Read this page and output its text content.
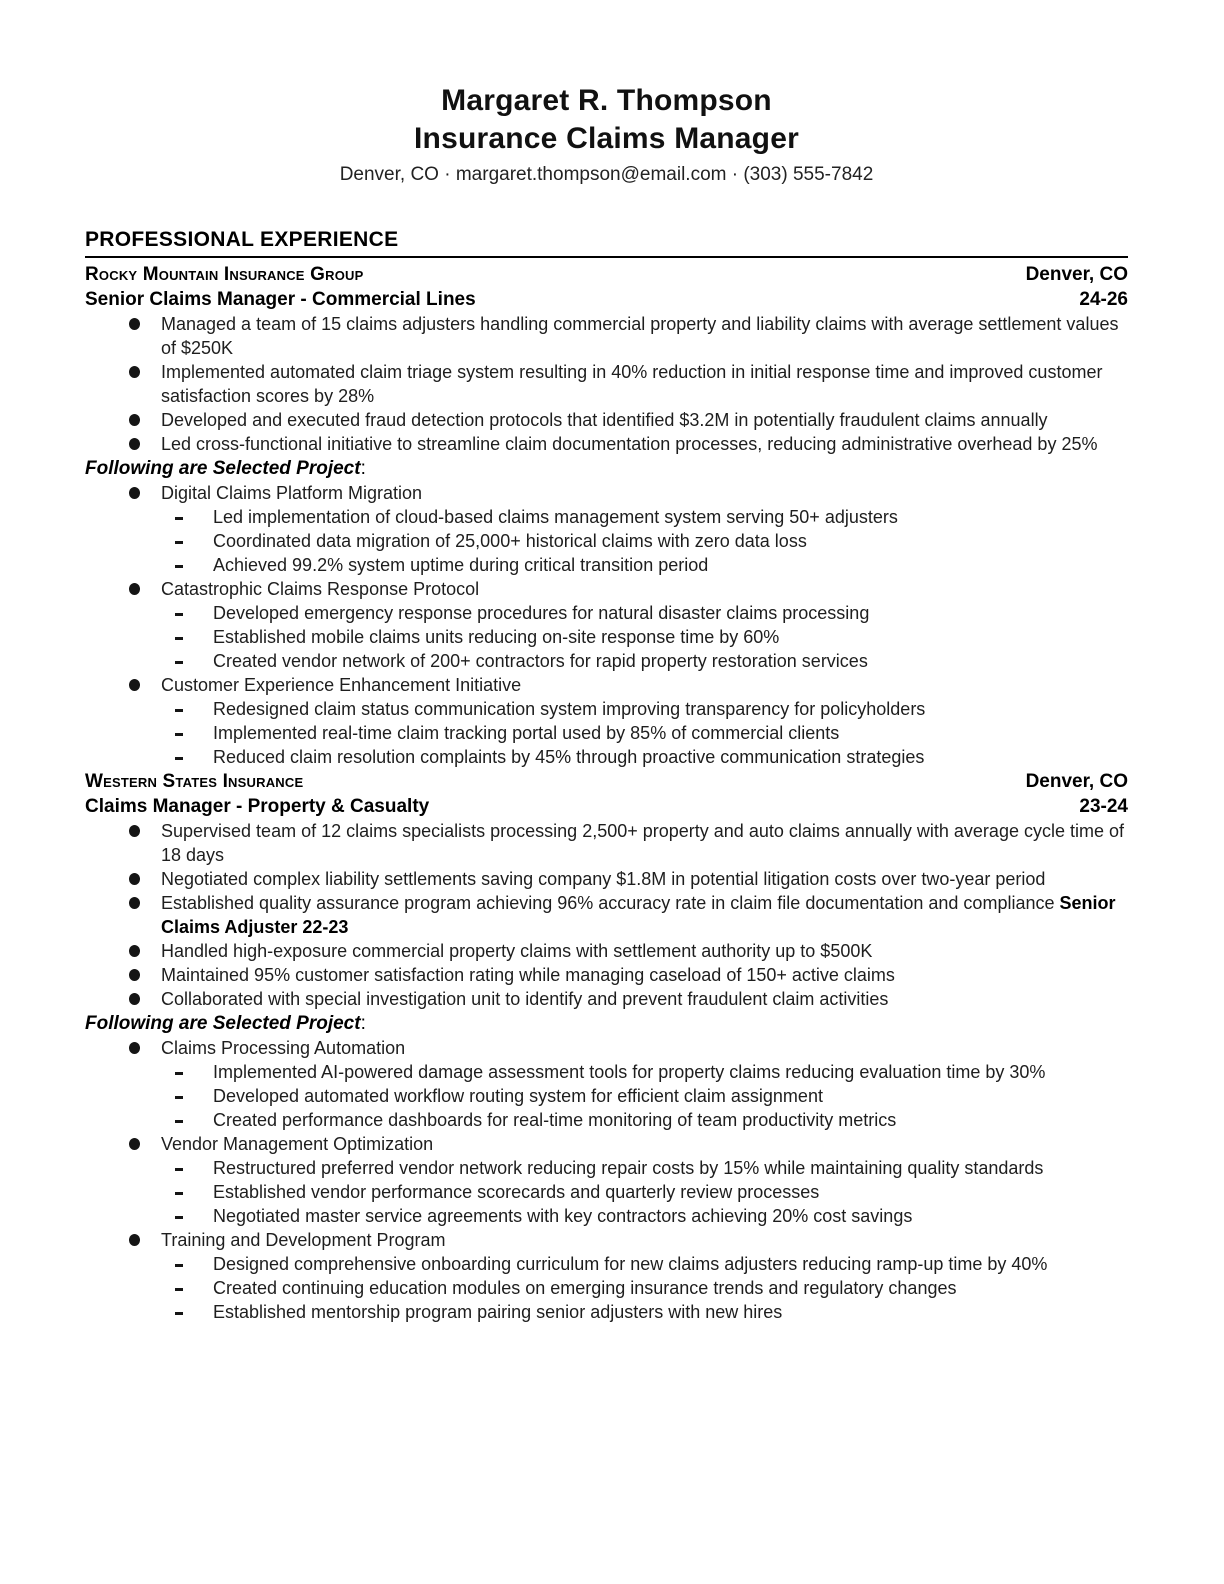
Margaret R. Thompson
Insurance Claims Manager
Denver, CO · margaret.thompson@email.com · (303) 555-7842
PROFESSIONAL EXPERIENCE
Rocky Mountain Insurance Group	Denver, CO
Senior Claims Manager - Commercial Lines	24-26
Managed a team of 15 claims adjusters handling commercial property and liability claims with average settlement values of $250K
Implemented automated claim triage system resulting in 40% reduction in initial response time and improved customer satisfaction scores by 28%
Developed and executed fraud detection protocols that identified $3.2M in potentially fraudulent claims annually
Led cross-functional initiative to streamline claim documentation processes, reducing administrative overhead by 25%
Following are Selected Project:
Digital Claims Platform Migration
Led implementation of cloud-based claims management system serving 50+ adjusters
Coordinated data migration of 25,000+ historical claims with zero data loss
Achieved 99.2% system uptime during critical transition period
Catastrophic Claims Response Protocol
Developed emergency response procedures for natural disaster claims processing
Established mobile claims units reducing on-site response time by 60%
Created vendor network of 200+ contractors for rapid property restoration services
Customer Experience Enhancement Initiative
Redesigned claim status communication system improving transparency for policyholders
Implemented real-time claim tracking portal used by 85% of commercial clients
Reduced claim resolution complaints by 45% through proactive communication strategies
Western States Insurance	Denver, CO
Claims Manager - Property & Casualty	23-24
Supervised team of 12 claims specialists processing 2,500+ property and auto claims annually with average cycle time of 18 days
Negotiated complex liability settlements saving company $1.8M in potential litigation costs over two-year period
Established quality assurance program achieving 96% accuracy rate in claim file documentation and compliance Senior Claims Adjuster 22-23
Handled high-exposure commercial property claims with settlement authority up to $500K
Maintained 95% customer satisfaction rating while managing caseload of 150+ active claims
Collaborated with special investigation unit to identify and prevent fraudulent claim activities
Following are Selected Project:
Claims Processing Automation
Implemented AI-powered damage assessment tools for property claims reducing evaluation time by 30%
Developed automated workflow routing system for efficient claim assignment
Created performance dashboards for real-time monitoring of team productivity metrics
Vendor Management Optimization
Restructured preferred vendor network reducing repair costs by 15% while maintaining quality standards
Established vendor performance scorecards and quarterly review processes
Negotiated master service agreements with key contractors achieving 20% cost savings
Training and Development Program
Designed comprehensive onboarding curriculum for new claims adjusters reducing ramp-up time by 40%
Created continuing education modules on emerging insurance trends and regulatory changes
Established mentorship program pairing senior adjusters with new hires
